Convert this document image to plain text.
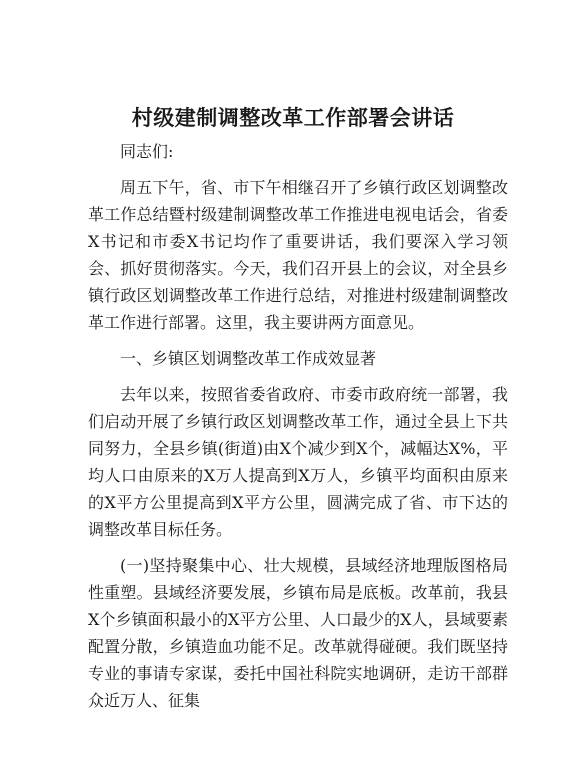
村级建制调整改革工作部署会讲话

同志们:

周五下午，省、市下午相继召开了乡镇行政区划调整改革工作总结暨村级建制调整改革工作推进电视电话会，省委X书记和市委X书记均作了重要讲话，我们要深入学习领会、抓好贯彻落实。今天，我们召开县上的会议，对全县乡镇行政区划调整改革工作进行总结，对推进村级建制调整改革工作进行部署。这里，我主要讲两方面意见。

一、乡镇区划调整改革工作成效显著

去年以来，按照省委省政府、市委市政府统一部署，我们启动开展了乡镇行政区划调整改革工作，通过全县上下共同努力，全县乡镇(街道)由X个减少到X个，减幅达X%，平均人口由原来的X万人提高到X万人，乡镇平均面积由原来的X平方公里提高到X平方公里，圆满完成了省、市下达的调整改革目标任务。

(一)坚持聚集中心、壮大规模，县域经济地理版图格局性重塑。县域经济要发展，乡镇布局是底板。改革前，我县X个乡镇面积最小的X平方公里、人口最少的X人，县域要素配置分散，乡镇造血功能不足。改革就得碰硬。我们既坚持专业的事请专家谋，委托中国社科院实地调研，走访干部群众近万人、征集
